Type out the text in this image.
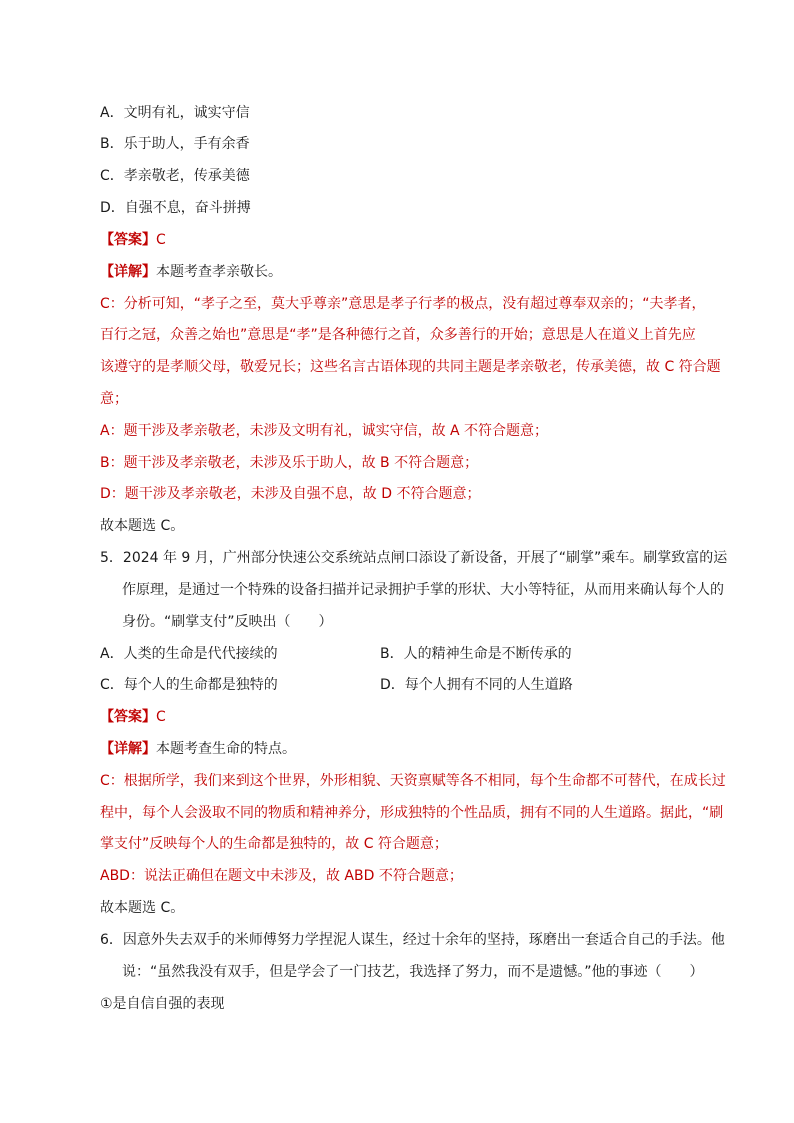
A．文明有礼，诚实守信
B．乐于助人，手有余香
C．孝亲敬老，传承美德
D．自强不息，奋斗拼搏
【答案】C
【详解】本题考查孝亲敬长。
C：分析可知，“孝子之至，莫大乎尊亲”意思是孝子行孝的极点，没有超过尊奉双亲的；“夫孝者，
百行之冠，众善之始也”意思是“孝”是各种德行之首，众多善行的开始；意思是人在道义上首先应
该遵守的是孝顺父母，敬爱兄长；这些名言古语体现的共同主题是孝亲敬老，传承美德，故 C 符合题
意；
A：题干涉及孝亲敬老，未涉及文明有礼，诚实守信，故 A 不符合题意；
B：题干涉及孝亲敬老，未涉及乐于助人，故 B 不符合题意；
D：题干涉及孝亲敬老，未涉及自强不息，故 D 不符合题意；
故本题选 C。
5．2024 年 9 月，广州部分快速公交系统站点闸口添设了新设备，开展了“刷掌”乘车。刷掌致富的运
作原理，是通过一个特殊的设备扫描并记录拥护手掌的形状、大小等特征，从而用来确认每个人的
身份。“刷掌支付”反映出（　　）
A．人类的生命是代代接续的	B．人的精神生命是不断传承的
C．每个人的生命都是独特的	D．每个人拥有不同的人生道路
【答案】C
【详解】本题考查生命的特点。
C：根据所学，我们来到这个世界，外形相貌、天资禀赋等各不相同，每个生命都不可替代，在成长过
程中，每个人会汲取不同的物质和精神养分，形成独特的个性品质，拥有不同的人生道路。据此，“刷
掌支付”反映每个人的生命都是独特的，故 C 符合题意；
ABD：说法正确但在题文中未涉及，故 ABD 不符合题意；
故本题选 C。
6．因意外失去双手的米师傅努力学捏泥人谋生，经过十余年的坚持，琢磨出一套适合自己的手法。他
说：“虽然我没有双手，但是学会了一门技艺，我选择了努力，而不是遗憾。”他的事迹（　　）
①是自信自强的表现
